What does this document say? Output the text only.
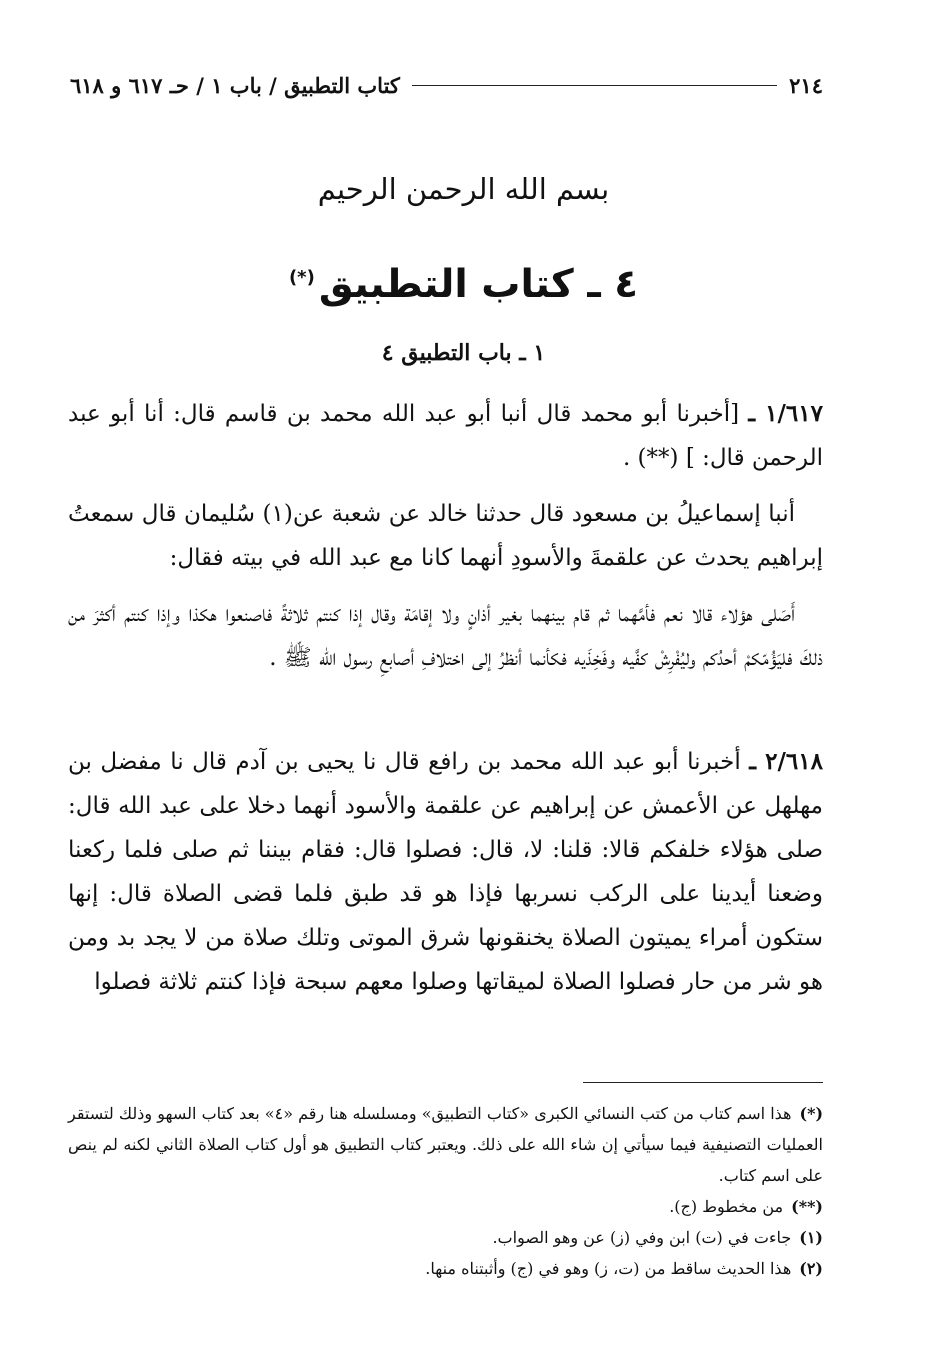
٢١٤
كتاب التطبيق / باب ١ / حـ ٦١٧ و ٦١٨
بسم الله الرحمن الرحيم
٤ ـ كتاب التطبيق(*)
١ ـ باب التطبيق ٤

١/٦١٧ ـ [أخبرنا أبو محمد قال أنبا أبو عبد الله محمد بن قاسم قال: أنا أبو عبد الرحمن قال: ] (**) .

أنبا إسماعيلُ بن مسعود قال حدثنا خالد عن شعبة عن(١) سُليمان قال سمعتُ إبراهيم يحدث عن علقمةَ والأسودِ أنهما كانا مع عبد الله في بيته فقال:

أَصَلى هؤلاء قالا نعم فأمَّهما ثم قام بينهما بغير أذانٍ ولا إقامَة وقال إذا كنتم ثلاثةً فاصنعوا هكذا وإذا كنتم أكثرَ من ذلكَ فليَؤُمّكمْ أحدُكم وليُفْرِشْ كفَّيه وفَخِذَيه فكأنما أنظرُ إلى اختلافِ أصابعِ رسول الله ﷺ .

٢/٦١٨ ـ أخبرنا أبو عبد الله محمد بن رافع قال نا يحيى بن آدم قال نا مفضل بن مهلهل عن الأعمش عن إبراهيم عن علقمة والأسود أنهما دخلا على عبد الله قال: صلى هؤلاء خلفكم قالا: قلنا: لا، قال: فصلوا قال: فقام بيننا ثم صلى فلما ركعنا وضعنا أيدينا على الركب نسربها فإذا هو قد طبق فلما قضى الصلاة قال: إنها ستكون أمراء يميتون الصلاة يخنقونها شرق الموتى وتلك صلاة من لا يجد بد ومن هو شر من حار فصلوا الصلاة لميقاتها وصلوا معهم سبحة فإذا كنتم ثلاثة فصلوا

(*)هذا اسم كتاب من كتب النسائي الكبرى «كتاب التطبيق» ومسلسله هنا رقم «٤» بعد كتاب السهو وذلك لتستقر العمليات التصنيفية فيما سيأتي إن شاء الله على ذلك. ويعتبر كتاب التطبيق هو أول كتاب الصلاة الثاني لكنه لم ينص على اسم كتاب.

(**)من مخطوط (ج).

(١)جاءت في (ت) ابن وفي (ز) عن وهو الصواب.

(٢)هذا الحديث ساقط من (ت، ز) وهو في (ج) وأثبتناه منها.
